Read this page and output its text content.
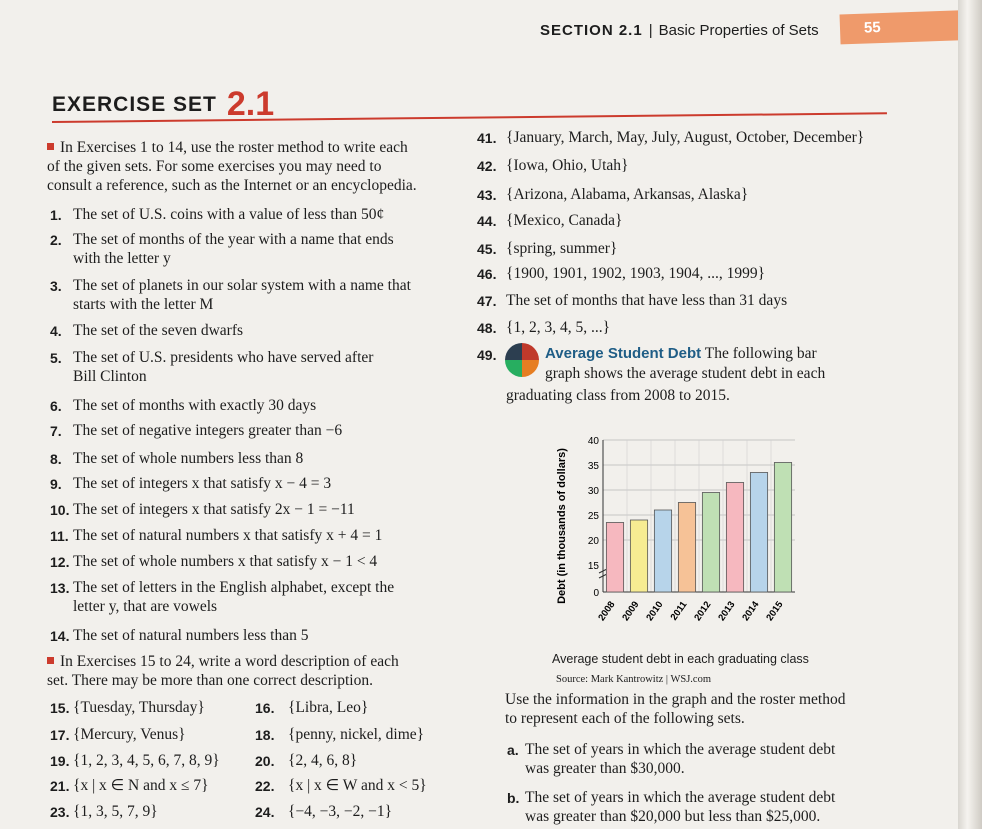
SECTION 2.1 | Basic Properties of Sets	55
EXERCISE SET 2.1
In Exercises 1 to 14, use the roster method to write each
of the given sets. For some exercises you may need to
consult a reference, such as the Internet or an encyclopedia.
1. The set of U.S. coins with a value of less than 50¢
2. The set of months of the year with a name that ends
with the letter y
3. The set of planets in our solar system with a name that
starts with the letter M
4. The set of the seven dwarfs
5. The set of U.S. presidents who have served after
Bill Clinton
6. The set of months with exactly 30 days
7. The set of negative integers greater than −6
8. The set of whole numbers less than 8
9. The set of integers x that satisfy x − 4 = 3
10. The set of integers x that satisfy 2x − 1 = −11
11. The set of natural numbers x that satisfy x + 4 = 1
12. The set of whole numbers x that satisfy x − 1 < 4
13. The set of letters in the English alphabet, except the
letter y, that are vowels
14. The set of natural numbers less than 5
In Exercises 15 to 24, write a word description of each
set. There may be more than one correct description.
15. {Tuesday, Thursday}	16. {Libra, Leo}
17. {Mercury, Venus}	18. {penny, nickel, dime}
19. {1, 2, 3, 4, 5, 6, 7, 8, 9}	20. {2, 4, 6, 8}
21. {x | x ∈ N and x ≤ 7}	22. {x | x ∈ W and x < 5}
23. {1, 3, 5, 7, 9}	24. {−4, −3, −2, −1}
41. {January, March, May, July, August, October, December}
42. {Iowa, Ohio, Utah}
43. {Arizona, Alabama, Arkansas, Alaska}
44. {Mexico, Canada}
45. {spring, summer}
46. {1900, 1901, 1902, 1903, 1904, ..., 1999}
47. The set of months that have less than 31 days
48. {1, 2, 3, 4, 5, ...}
49.	Average Student Debt The following bar
graph shows the average student debt in each
graduating class from 2008 to 2015.
Average student debt in each graduating class
Source: Mark Kantrowitz | WSJ.com
Use the information in the graph and the roster method
to represent each of the following sets.
a. The set of years in which the average student debt
was greater than $30,000.
b. The set of years in which the average student debt
was greater than $20,000 but less than $25,000.
0
15
20
25
30
35
40
2008 2009 2010 2011 2012 2013 2014 2015
Debt (in thousands of dollars)
